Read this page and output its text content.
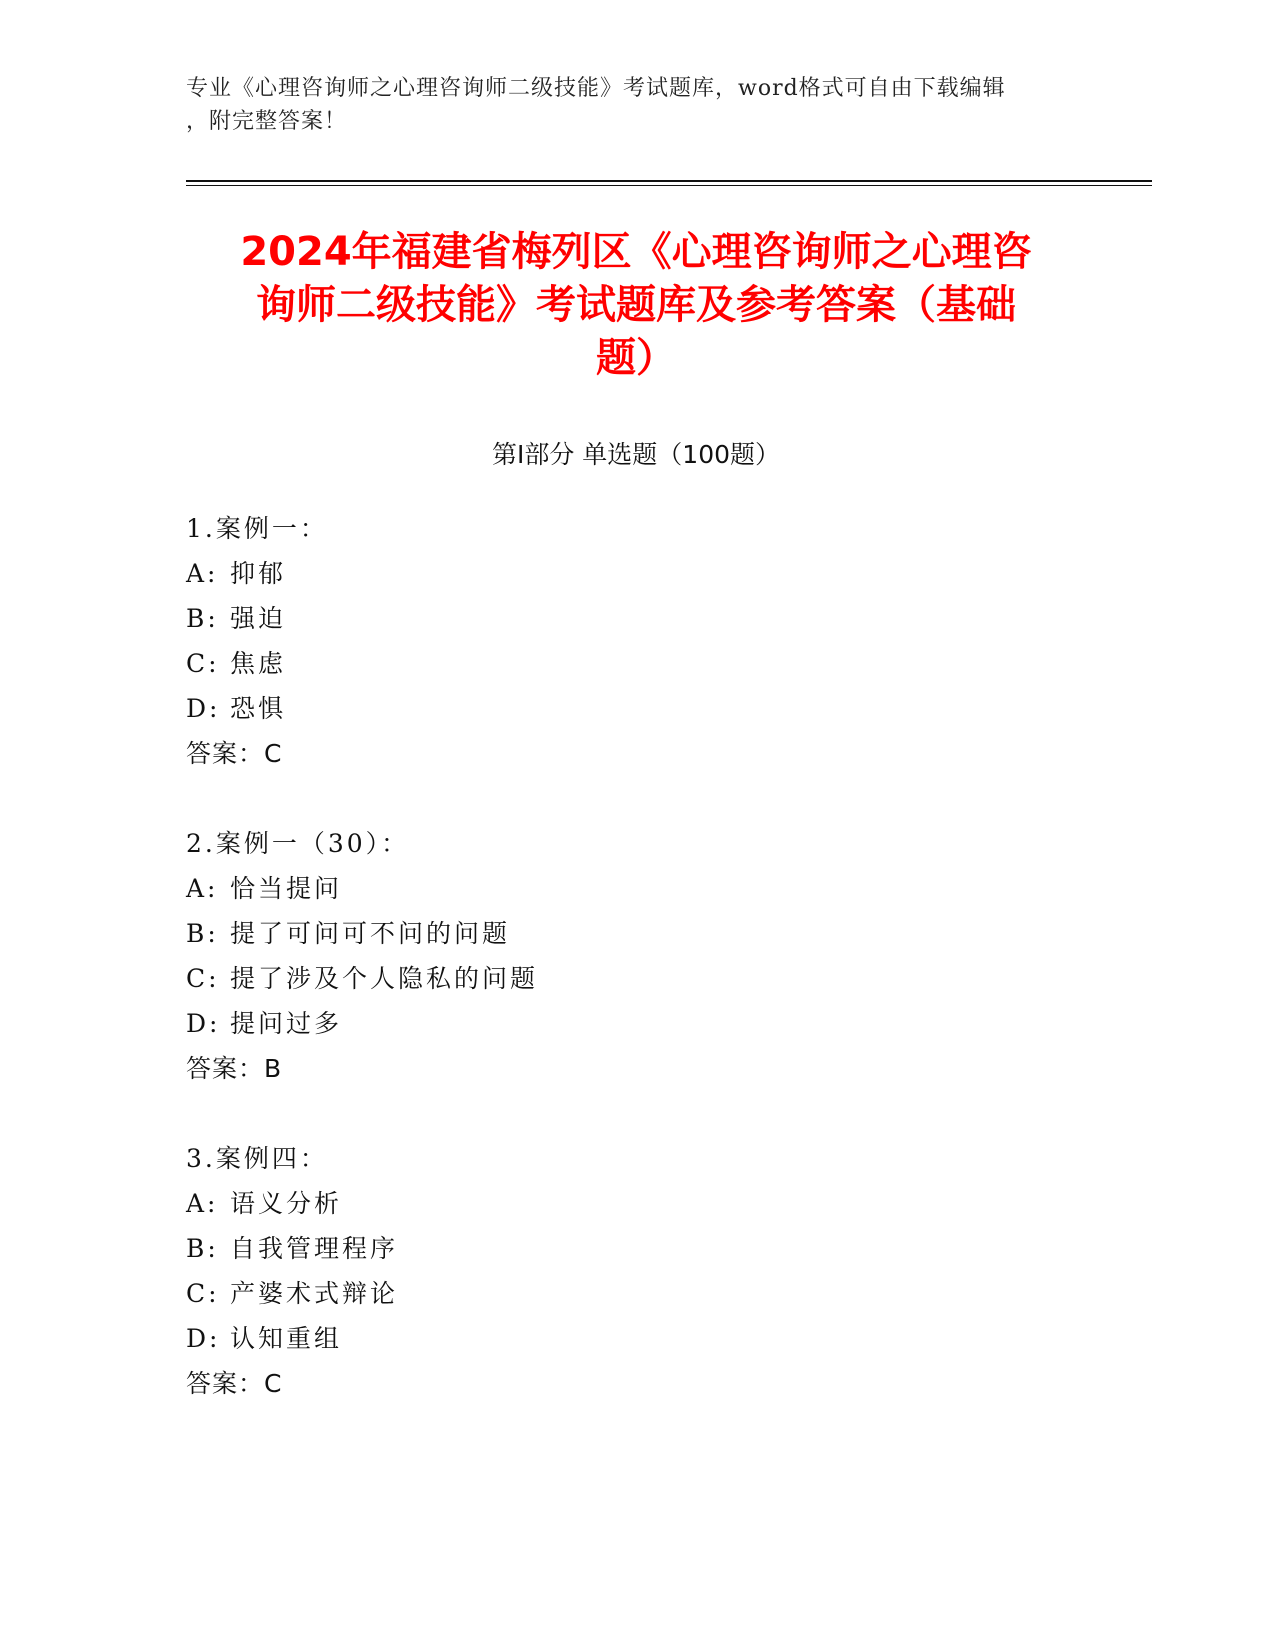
专业《心理咨询师之心理咨询师二级技能》考试题库，word格式可自由下载编辑
，附完整答案！
2024年福建省梅列区《心理咨询师之心理咨
询师二级技能》考试题库及参考答案（基础
题）
第Ⅰ部分 单选题（100题）
1.案例一：
A: 抑郁
B: 强迫
C: 焦虑
D: 恐惧
答案：C
2.案例一（30）：
A: 恰当提问
B: 提了可问可不问的问题
C: 提了涉及个人隐私的问题
D: 提问过多
答案：B
3.案例四：
A: 语义分析
B: 自我管理程序
C: 产婆术式辩论
D: 认知重组
答案：C
